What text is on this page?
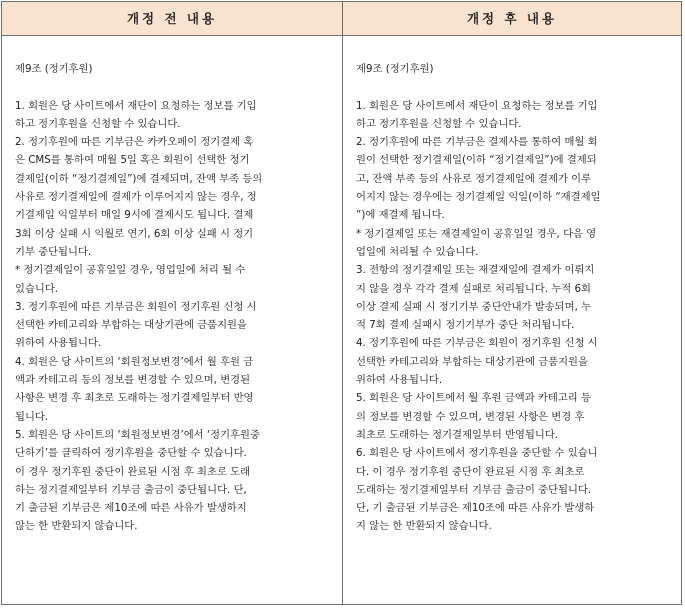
개정 전 내용	개정 후 내용
제9조 (정기후원)
1. 회원은 당 사이트에서 재단이 요청하는 정보를 기입
하고 정기후원을 신청할 수 있습니다.
2. 정기후원에 따른 기부금은 카카오페이 정기결제 혹
은 CMS를 통하여 매월 5일 혹은 회원이 선택한 정기
결제일(이하 “정기결제일”)에 결제되며, 잔액 부족 등의
사유로 정기결제일에 결제가 이루어지지 않는 경우, 정
기결제일 익일부터 매일 9시에 결제시도 됩니다. 결제
3회 이상 실패 시 익월로 연기, 6회 이상 실패 시 정기
기부 중단됩니다.
* 정기결제일이 공휴일일 경우, 영업일에 처리 될 수
있습니다.
3. 정기후원에 따른 기부금은 회원이 정기후원 신청 시
선택한 카테고리와 부합하는 대상기관에 금품지원을
위하여 사용됩니다.
4. 회원은 당 사이트의 ‘회원정보변경’에서 월 후원 금
액과 카테고리 등의 정보를 변경할 수 있으며, 변경된
사항은 변경 후 최초로 도래하는 정기결제일부터 반영
됩니다.
5. 회원은 당 사이트의 ‘회원정보변경’에서 ‘정기후원중
단하기’를 클릭하여 정기후원을 중단할 수 있습니다.
이 경우 정기후원 중단이 완료된 시점 후 최초로 도래
하는 정기결제일부터 기부금 출금이 중단됩니다. 단,
기 출금된 기부금은 제10조에 따른 사유가 발생하지
않는 한 반환되지 않습니다.
제9조 (정기후원)
1. 회원은 당 사이트에서 재단이 요청하는 정보를 기입
하고 정기후원을 신청할 수 있습니다.
2. 정기후원에 따른 기부금은 결제사를 통하여 매월 회
원이 선택한 정기결제일(이하 “정기결제일”)에 결제되
고, 잔액 부족 등의 사유로 정기결제일에 결제가 이루
어지지 않는 경우에는 정기결제일 익일(이하 “재결제일
”)에 재결제 됩니다.
* 정기결제일 또는 재결제일이 공휴일일 경우, 다음 영
업일에 처리될 수 있습니다.
3. 전항의 정기결제일 또는 재결재일에 결제가 이뤄지
지 않을 경우 각각 결제 실패로 처리됩니다. 누적 6회
이상 결제 실패 시 정기기부 중단안내가 발송되며, 누
적 7회 결제 실패시 정기기부가 중단 처리됩니다.
4. 정기후원에 따른 기부금은 회원이 정기후원 신청 시
선택한 카테고리와 부합하는 대상기관에 금품지원을
위하여 사용됩니다.
5. 회원은 당 사이트에서 월 후원 금액과 카테고리 등
의 정보를 변경할 수 있으며, 변경된 사항은 변경 후
최초로 도래하는 정기결제일부터 반영됩니다.
6. 회원은 당 사이트에서 정기후원을 중단할 수 있습니
다. 이 경우 정기후원 중단이 완료된 시점 후 최초로
도래하는 정기결제일부터 기부금 출금이 중단됩니다.
단, 기 출금된 기부금은 제10조에 따른 사유가 발생하
지 않는 한 반환되지 않습니다.
